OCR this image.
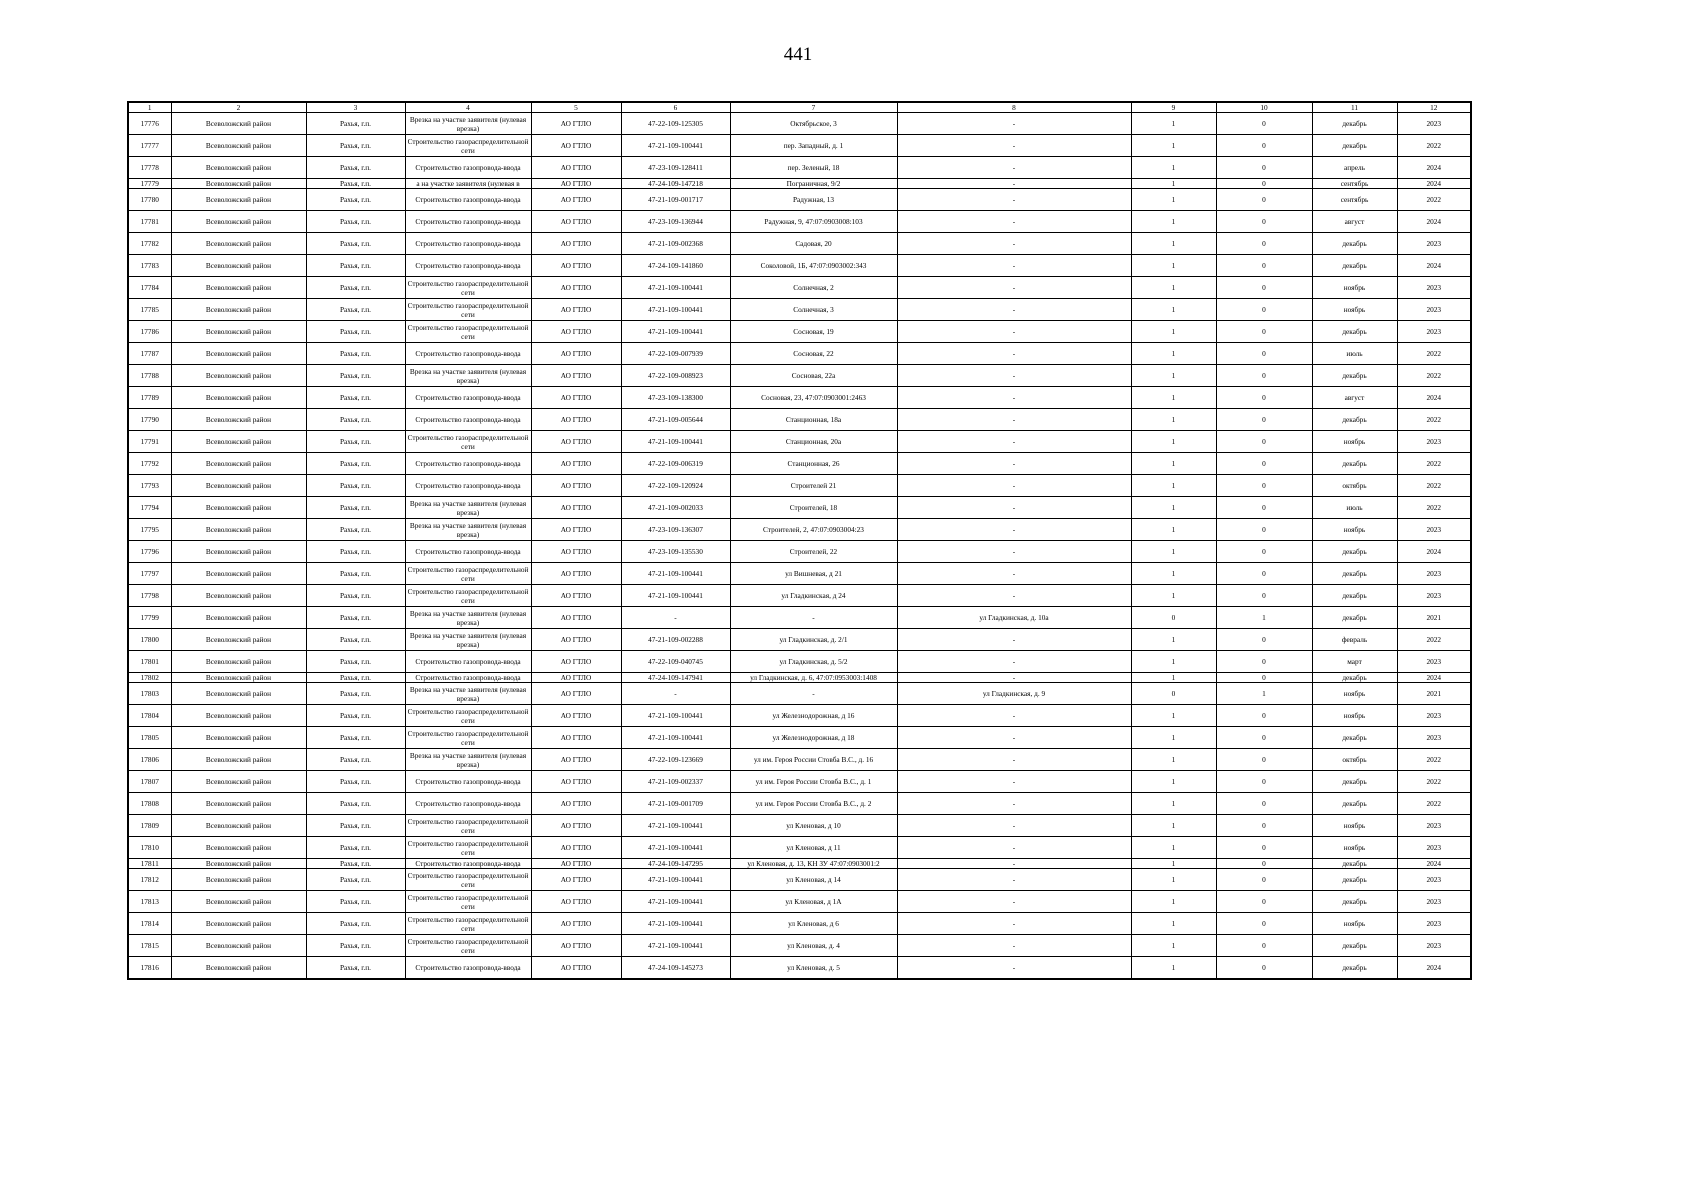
441
1	2	3	4	5	6	7	8	9	10	11	12
17776	Всеволожский район	Рахья, г.п.	Врезка на участке заявителя (нулевая врезка)	АО ГТЛО	47-22-109-125305	Октябрьское, 3	-	1	0	декабрь	2023
17777	Всеволожский район	Рахья, г.п.	Строительство газораспределительной сети	АО ГТЛО	47-21-109-100441	пер. Западный, д. 1	-	1	0	декабрь	2022
17778	Всеволожский район	Рахья, г.п.	Строительство газопровода-ввода	АО ГТЛО	47-23-109-128411	пер. Зеленый, 18	-	1	0	апрель	2024
17779	Всеволожский район	Рахья, г.п.	а на участке заявителя (нулевая в	АО ГТЛО	47-24-109-147218	Пограничная, 9/2	-	1	0	сентябрь	2024
17780	Всеволожский район	Рахья, г.п.	Строительство газопровода-ввода	АО ГТЛО	47-21-109-001717	Радужная, 13	-	1	0	сентябрь	2022
17781	Всеволожский район	Рахья, г.п.	Строительство газопровода-ввода	АО ГТЛО	47-23-109-136944	Радужная, 9, 47:07:0903008:103	-	1	0	август	2024
17782	Всеволожский район	Рахья, г.п.	Строительство газопровода-ввода	АО ГТЛО	47-21-109-002368	Садовая, 20	-	1	0	декабрь	2023
17783	Всеволожский район	Рахья, г.п.	Строительство газопровода-ввода	АО ГТЛО	47-24-109-141860	Соколовой, 1Б, 47:07:0903002:343	-	1	0	декабрь	2024
17784	Всеволожский район	Рахья, г.п.	Строительство газораспределительной сети	АО ГТЛО	47-21-109-100441	Солнечная, 2	-	1	0	ноябрь	2023
17785	Всеволожский район	Рахья, г.п.	Строительство газораспределительной сети	АО ГТЛО	47-21-109-100441	Солнечная, 3	-	1	0	ноябрь	2023
17786	Всеволожский район	Рахья, г.п.	Строительство газораспределительной сети	АО ГТЛО	47-21-109-100441	Сосновая, 19	-	1	0	декабрь	2023
17787	Всеволожский район	Рахья, г.п.	Строительство газопровода-ввода	АО ГТЛО	47-22-109-007939	Сосновая, 22	-	1	0	июль	2022
17788	Всеволожский район	Рахья, г.п.	Врезка на участке заявителя (нулевая врезка)	АО ГТЛО	47-22-109-008923	Сосновая, 22а	-	1	0	декабрь	2022
17789	Всеволожский район	Рахья, г.п.	Строительство газопровода-ввода	АО ГТЛО	47-23-109-138300	Сосновая, 23, 47:07:0903001:2463	-	1	0	август	2024
17790	Всеволожский район	Рахья, г.п.	Строительство газопровода-ввода	АО ГТЛО	47-21-109-005644	Станционная, 18а	-	1	0	декабрь	2022
17791	Всеволожский район	Рахья, г.п.	Строительство газораспределительной сети	АО ГТЛО	47-21-109-100441	Станционная, 20а	-	1	0	ноябрь	2023
17792	Всеволожский район	Рахья, г.п.	Строительство газопровода-ввода	АО ГТЛО	47-22-109-006319	Станционная, 26	-	1	0	декабрь	2022
17793	Всеволожский район	Рахья, г.п.	Строительство газопровода-ввода	АО ГТЛО	47-22-109-120924	Строителей 21	-	1	0	октябрь	2022
17794	Всеволожский район	Рахья, г.п.	Врезка на участке заявителя (нулевая врезка)	АО ГТЛО	47-21-109-002033	Строителей, 18	-	1	0	июль	2022
17795	Всеволожский район	Рахья, г.п.	Врезка на участке заявителя (нулевая врезка)	АО ГТЛО	47-23-109-136307	Строителей, 2, 47:07:0903004:23	-	1	0	ноябрь	2023
17796	Всеволожский район	Рахья, г.п.	Строительство газопровода-ввода	АО ГТЛО	47-23-109-135530	Строителей, 22	-	1	0	декабрь	2024
17797	Всеволожский район	Рахья, г.п.	Строительство газораспределительной сети	АО ГТЛО	47-21-109-100441	ул Вишневая, д 21	-	1	0	декабрь	2023
17798	Всеволожский район	Рахья, г.п.	Строительство газораспределительной сети	АО ГТЛО	47-21-109-100441	ул Гладкинская, д 24	-	1	0	декабрь	2023
17799	Всеволожский район	Рахья, г.п.	Врезка на участке заявителя (нулевая врезка)	АО ГТЛО	-	-	ул Гладкинская, д. 10а	0	1	декабрь	2021
17800	Всеволожский район	Рахья, г.п.	Врезка на участке заявителя (нулевая врезка)	АО ГТЛО	47-21-109-002288	ул Гладкинская, д. 2/1	-	1	0	февраль	2022
17801	Всеволожский район	Рахья, г.п.	Строительство газопровода-ввода	АО ГТЛО	47-22-109-040745	ул Гладкинская, д. 5/2	-	1	0	март	2023
17802	Всеволожский район	Рахья, г.п.	Строительство газопровода-ввода	АО ГТЛО	47-24-109-147941	ул Гладкинская, д. 6, 47:07:0953003:1408	-	1	0	декабрь	2024
17803	Всеволожский район	Рахья, г.п.	Врезка на участке заявителя (нулевая врезка)	АО ГТЛО	-	-	ул Гладкинская, д. 9	0	1	ноябрь	2021
17804	Всеволожский район	Рахья, г.п.	Строительство газораспределительной сети	АО ГТЛО	47-21-109-100441	ул Железнодорожная, д 16	-	1	0	ноябрь	2023
17805	Всеволожский район	Рахья, г.п.	Строительство газораспределительной сети	АО ГТЛО	47-21-109-100441	ул Железнодорожная, д 18	-	1	0	декабрь	2023
17806	Всеволожский район	Рахья, г.п.	Врезка на участке заявителя (нулевая врезка)	АО ГТЛО	47-22-109-123669	ул им. Героя России Стовба В.С., д. 16	-	1	0	октябрь	2022
17807	Всеволожский район	Рахья, г.п.	Строительство газопровода-ввода	АО ГТЛО	47-21-109-002337	ул им. Героя России Стовба В.С., д. 1	-	1	0	декабрь	2022
17808	Всеволожский район	Рахья, г.п.	Строительство газопровода-ввода	АО ГТЛО	47-21-109-001709	ул им. Героя России Стовба В.С., д. 2	-	1	0	декабрь	2022
17809	Всеволожский район	Рахья, г.п.	Строительство газораспределительной сети	АО ГТЛО	47-21-109-100441	ул Кленовая, д 10	-	1	0	ноябрь	2023
17810	Всеволожский район	Рахья, г.п.	Строительство газораспределительной сети	АО ГТЛО	47-21-109-100441	ул Кленовая, д 11	-	1	0	ноябрь	2023
17811	Всеволожский район	Рахья, г.п.	Строительство газопровода-ввода	АО ГТЛО	47-24-109-147295	ул Кленовая, д. 13, КН ЗУ 47:07:0903001:2	-	1	0	декабрь	2024
17812	Всеволожский район	Рахья, г.п.	Строительство газораспределительной сети	АО ГТЛО	47-21-109-100441	ул Кленовая, д 14	-	1	0	декабрь	2023
17813	Всеволожский район	Рахья, г.п.	Строительство газораспределительной сети	АО ГТЛО	47-21-109-100441	ул Кленовая, д 1А	-	1	0	декабрь	2023
17814	Всеволожский район	Рахья, г.п.	Строительство газораспределительной сети	АО ГТЛО	47-21-109-100441	ул Кленовая, д 6	-	1	0	ноябрь	2023
17815	Всеволожский район	Рахья, г.п.	Строительство газораспределительной сети	АО ГТЛО	47-21-109-100441	ул Кленовая, д. 4	-	1	0	декабрь	2023
17816	Всеволожский район	Рахья, г.п.	Строительство газопровода-ввода	АО ГТЛО	47-24-109-145273	ул Кленовая, д. 5	-	1	0	декабрь	2024
